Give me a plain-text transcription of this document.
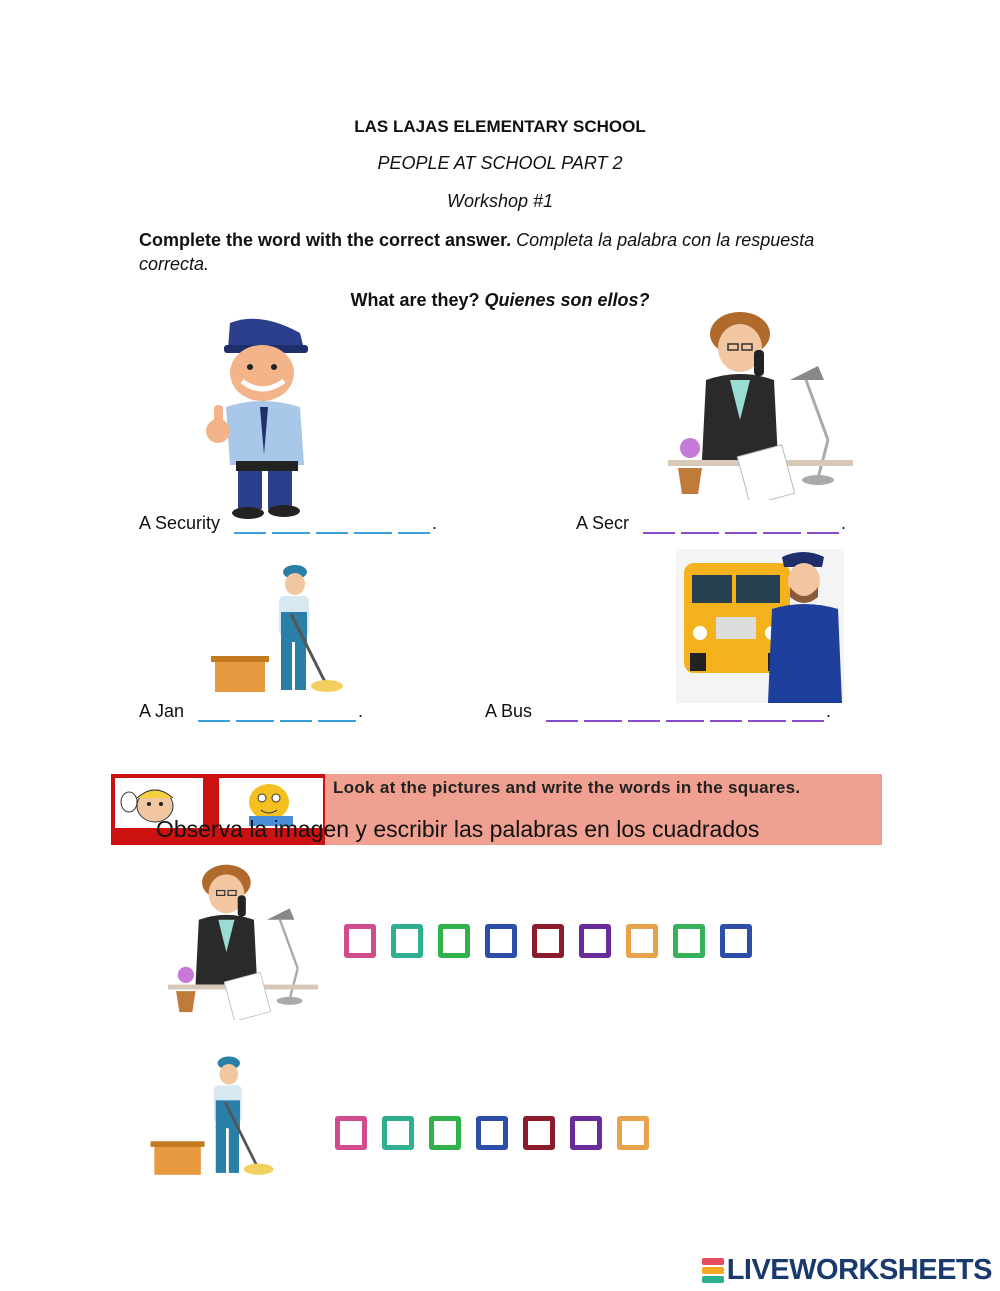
LAS LAJAS ELEMENTARY SCHOOL
PEOPLE AT SCHOOL PART 2
Workshop #1
Complete the word with the correct answer. Completa la palabra con la respuesta correcta.
What are they? Quienes son ellos?
A Security	.	A Secr	.
A Jan	.	A Bus	.
Look at the pictures and write the words in the squares.
Observa la imagen y escribir las palabras en los cuadrados
LIVEWORKSHEETS
